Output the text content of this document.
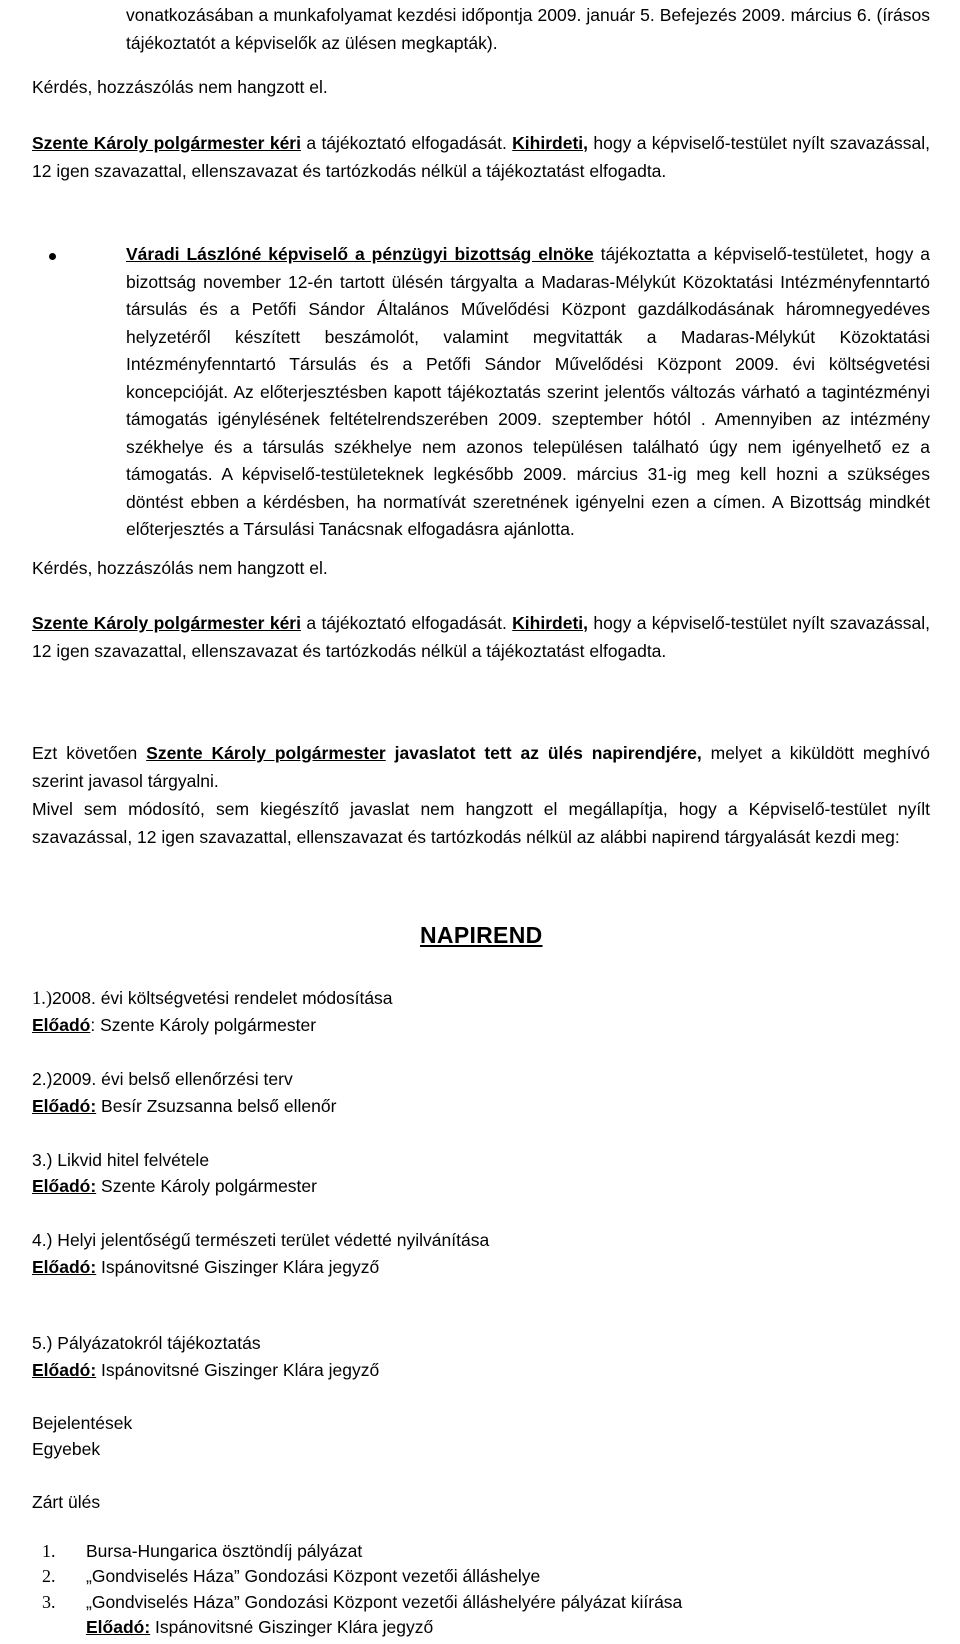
vonatkozásában a munkafolyamat kezdési időpontja 2009. január 5. Befejezés 2009. március 6. (írásos tájékoztatót a képviselők az ülésen megkapták).

Kérdés, hozzászólás nem hangzott el.

Szente Károly polgármester kéri a tájékoztató elfogadását. Kihirdeti, hogy a képviselő-testület nyílt szavazással, 12 igen szavazattal, ellenszavazat és tartózkodás nélkül a tájékoztatást elfogadta.

Váradi Lászlóné képviselő a pénzügyi bizottság elnöke tájékoztatta a képviselő-testületet, hogy a bizottság november 12-én tartott ülésén tárgyalta a Madaras-Mélykút Közoktatási Intézményfenntartó társulás és a Petőfi Sándor Általános Művelődési Központ gazdálkodásának háromnegyedéves helyzetéről készített beszámolót, valamint megvitatták a Madaras-Mélykút Közoktatási Intézményfenntartó Társulás és a Petőfi Sándor Művelődési Központ 2009. évi költségvetési koncepcióját. Az előterjesztésben kapott tájékoztatás szerint jelentős változás várható a tagintézményi támogatás igénylésének feltételrendszerében 2009. szeptember hótól . Amennyiben az intézmény székhelye és a társulás székhelye nem azonos településen található úgy nem igényelhető ez a támogatás. A képviselő-testületeknek legkésőbb 2009. március 31-ig meg kell hozni a szükséges döntést ebben a kérdésben, ha normatívát szeretnének igényelni ezen a címen. A Bizottság mindkét előterjesztés a Társulási Tanácsnak elfogadásra ajánlotta.

Kérdés, hozzászólás nem hangzott el.

Szente Károly polgármester kéri a tájékoztató elfogadását. Kihirdeti, hogy a képviselő-testület nyílt szavazással, 12 igen szavazattal, ellenszavazat és tartózkodás nélkül a tájékoztatást elfogadta.

Ezt követően Szente Károly polgármester javaslatot tett az ülés napirendjére, melyet a kiküldött meghívó szerint javasol tárgyalni.

Mivel sem módosító, sem kiegészítő javaslat nem hangzott el megállapítja, hogy a Képviselő-testület nyílt szavazással, 12 igen szavazattal, ellenszavazat és tartózkodás nélkül az alábbi napirend tárgyalását kezdi meg:

NAPIREND
1.)2008. évi költségvetési rendelet módosítása
Előadó: Szente Károly polgármester
2.)2009. évi belső ellenőrzési terv
Előadó: Besír Zsuzsanna belső ellenőr
3.) Likvid hitel felvétele
Előadó: Szente Károly polgármester
4.) Helyi jelentőségű természeti terület védetté nyilvánítása
Előadó: Ispánovitsné Giszinger Klára jegyző
5.) Pályázatokról tájékoztatás
Előadó: Ispánovitsné Giszinger Klára jegyző
Bejelentések
Egyebek
Zárt ülés
1. Bursa-Hungarica ösztöndíj pályázat
2. „Gondviselés Háza” Gondozási Központ vezetői álláshelye
3. „Gondviselés Háza” Gondozási Központ vezetői álláshelyére pályázat kiírása
Előadó: Ispánovitsné Giszinger Klára jegyző
